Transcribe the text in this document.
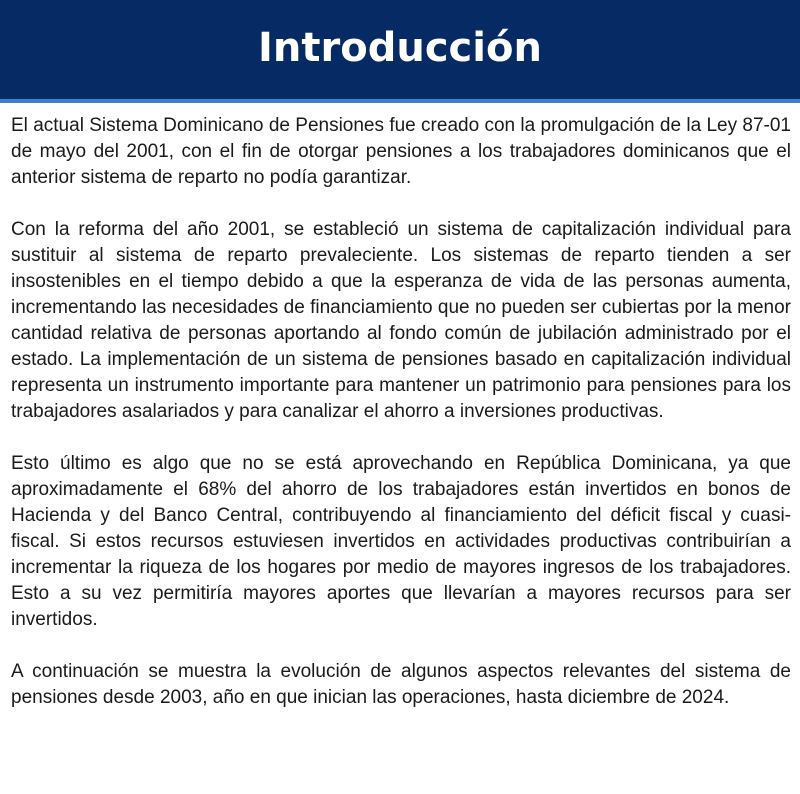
Introducción

El actual Sistema Dominicano de Pensiones fue creado con la promulgación de la Ley 87-01 de mayo del 2001, con el fin de otorgar pensiones a los trabajadores dominicanos que el anterior sistema de reparto no podía garantizar.

Con la reforma del año 2001, se estableció un sistema de capitalización individual para sustituir al sistema de reparto prevaleciente. Los sistemas de reparto tienden a ser insostenibles en el tiempo debido a que la esperanza de vida de las personas aumenta, incrementando las necesidades de financiamiento que no pueden ser cubiertas por la menor cantidad relativa de personas aportando al fondo común de jubilación administrado por el estado. La implementación de un sistema de pensiones basado en capitalización individual representa un instrumento importante para mantener un patrimonio para pensiones para los trabajadores asalariados y para canalizar el ahorro a inversiones productivas.

Esto último es algo que no se está aprovechando en República Dominicana, ya que aproximadamente el 68% del ahorro de los trabajadores están invertidos en bonos de Hacienda y del Banco Central, contribuyendo al financiamiento del déficit fiscal y cuasi-fiscal. Si estos recursos estuviesen invertidos en actividades productivas contribuirían a incrementar la riqueza de los hogares por medio de mayores ingresos de los trabajadores. Esto a su vez permitiría mayores aportes que llevarían a mayores recursos para ser invertidos.

A continuación se muestra la evolución de algunos aspectos relevantes del sistema de pensiones desde 2003, año en que inician las operaciones, hasta diciembre de 2024.
